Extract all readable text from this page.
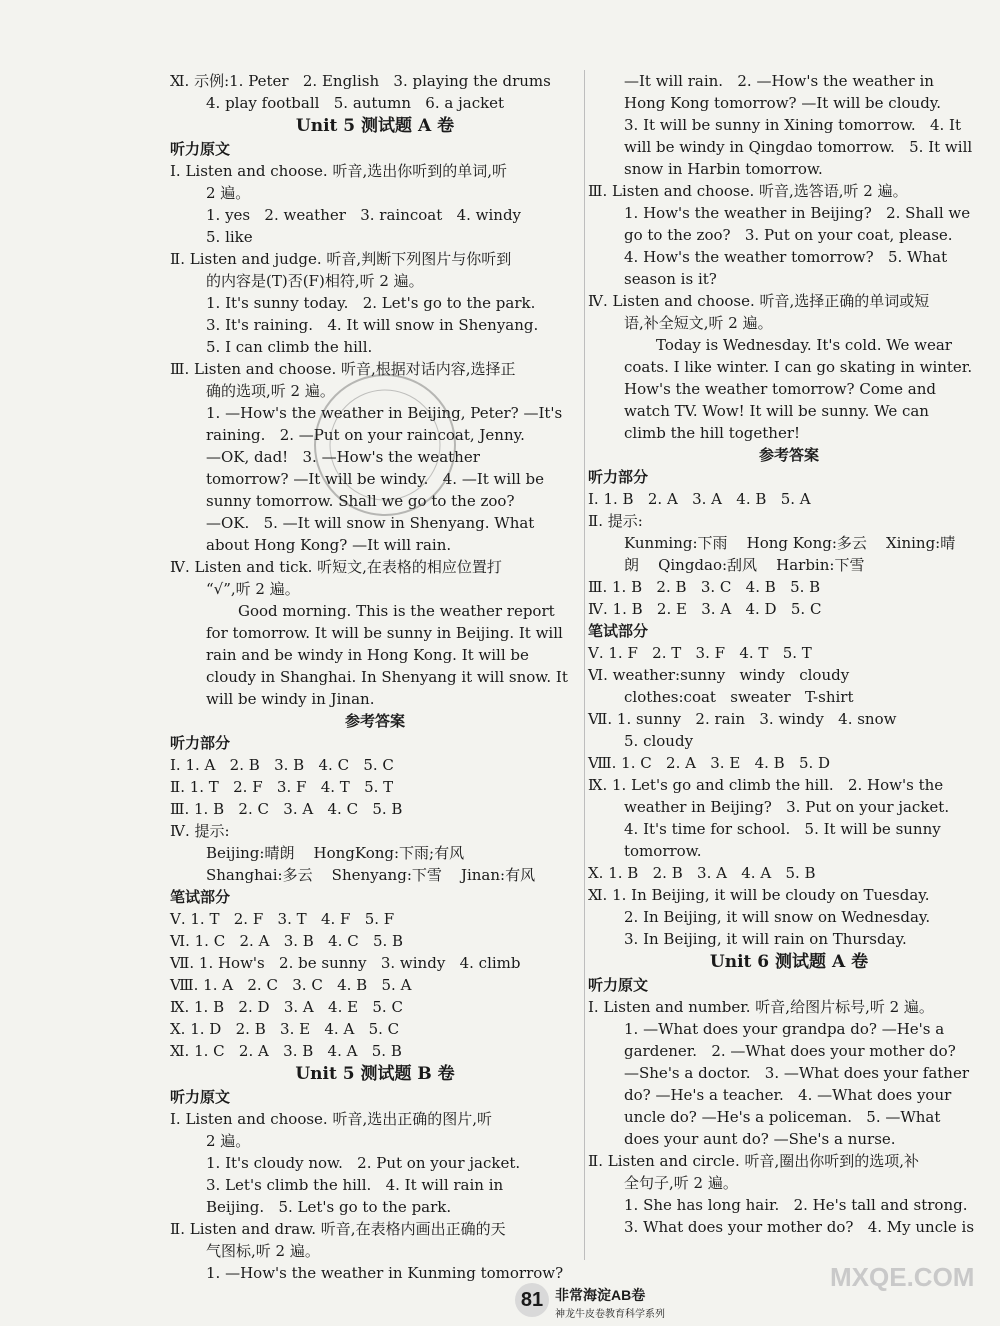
Ⅺ. 示例:1. Peter   2. English   3. playing the drums
4. play football   5. autumn   6. a jacket
Unit 5 测试题 A 卷
听力原文
Ⅰ. Listen and choose. 听音,选出你听到的单词,听
2 遍。
1. yes   2. weather   3. raincoat   4. windy
5. like
Ⅱ. Listen and judge. 听音,判断下列图片与你听到
的内容是(T)否(F)相符,听 2 遍。
1. It's sunny today.   2. Let's go to the park.
3. It's raining.   4. It will snow in Shenyang.
5. I can climb the hill.
Ⅲ. Listen and choose. 听音,根据对话内容,选择正
确的选项,听 2 遍。
1. —How's the weather in Beijing, Peter? —It's
raining.   2. —Put on your raincoat, Jenny.
—OK, dad!   3. —How's the weather
tomorrow? —It will be windy.   4. —It will be
sunny tomorrow. Shall we go to the zoo?
—OK.   5. —It will snow in Shenyang. What
about Hong Kong? —It will rain.
Ⅳ. Listen and tick. 听短文,在表格的相应位置打
“√”,听 2 遍。
Good morning. This is the weather report
for tomorrow. It will be sunny in Beijing. It will
rain and be windy in Hong Kong. It will be
cloudy in Shanghai. In Shenyang it will snow. It
will be windy in Jinan.
参考答案
听力部分
Ⅰ. 1. A   2. B   3. B   4. C   5. C
Ⅱ. 1. T   2. F   3. F   4. T   5. T
Ⅲ. 1. B   2. C   3. A   4. C   5. B
Ⅳ. 提示:
Beijing:晴朗    HongKong:下雨;有风
Shanghai:多云    Shenyang:下雪    Jinan:有风
笔试部分
Ⅴ. 1. T   2. F   3. T   4. F   5. F
Ⅵ. 1. C   2. A   3. B   4. C   5. B
Ⅶ. 1. How's   2. be sunny   3. windy   4. climb
Ⅷ. 1. A   2. C   3. C   4. B   5. A
Ⅸ. 1. B   2. D   3. A   4. E   5. C
Ⅹ. 1. D   2. B   3. E   4. A   5. C
Ⅺ. 1. C   2. A   3. B   4. A   5. B
Unit 5 测试题 B 卷
听力原文
Ⅰ. Listen and choose. 听音,选出正确的图片,听
2 遍。
1. It's cloudy now.   2. Put on your jacket.
3. Let's climb the hill.   4. It will rain in
Beijing.   5. Let's go to the park.
Ⅱ. Listen and draw. 听音,在表格内画出正确的天
气图标,听 2 遍。
1. —How's the weather in Kunming tomorrow?
—It will rain.   2. —How's the weather in
Hong Kong tomorrow? —It will be cloudy.
3. It will be sunny in Xining tomorrow.   4. It
will be windy in Qingdao tomorrow.   5. It will
snow in Harbin tomorrow.
Ⅲ. Listen and choose. 听音,选答语,听 2 遍。
1. How's the weather in Beijing?   2. Shall we
go to the zoo?   3. Put on your coat, please.
4. How's the weather tomorrow?   5. What
season is it?
Ⅳ. Listen and choose. 听音,选择正确的单词或短
语,补全短文,听 2 遍。
Today is Wednesday. It's cold. We wear
coats. I like winter. I can go skating in winter.
How's the weather tomorrow? Come and
watch TV. Wow! It will be sunny. We can
climb the hill together!
参考答案
听力部分
Ⅰ. 1. B   2. A   3. A   4. B   5. A
Ⅱ. 提示:
Kunming:下雨    Hong Kong:多云    Xining:晴
朗    Qingdao:刮风    Harbin:下雪
Ⅲ. 1. B   2. B   3. C   4. B   5. B
Ⅳ. 1. B   2. E   3. A   4. D   5. C
笔试部分
Ⅴ. 1. F   2. T   3. F   4. T   5. T
Ⅵ. weather:sunny   windy   cloudy
clothes:coat   sweater   T-shirt
Ⅶ. 1. sunny   2. rain   3. windy   4. snow
5. cloudy
Ⅷ. 1. C   2. A   3. E   4. B   5. D
Ⅸ. 1. Let's go and climb the hill.   2. How's the
weather in Beijing?   3. Put on your jacket.
4. It's time for school.   5. It will be sunny
tomorrow.
Ⅹ. 1. B   2. B   3. A   4. A   5. B
Ⅺ. 1. In Beijing, it will be cloudy on Tuesday.
2. In Beijing, it will snow on Wednesday.
3. In Beijing, it will rain on Thursday.
Unit 6 测试题 A 卷
听力原文
Ⅰ. Listen and number. 听音,给图片标号,听 2 遍。
1. —What does your grandpa do? —He's a
gardener.   2. —What does your mother do?
—She's a doctor.   3. —What does your father
do? —He's a teacher.   4. —What does your
uncle do? —He's a policeman.   5. —What
does your aunt do? —She's a nurse.
Ⅱ. Listen and circle. 听音,圈出你听到的选项,补
全句子,听 2 遍。
1. She has long hair.   2. He's tall and strong.
3. What does your mother do?   4. My uncle is
81 非常海淀AB卷
神龙牛皮卷教育科学系列
MXQE.COM
